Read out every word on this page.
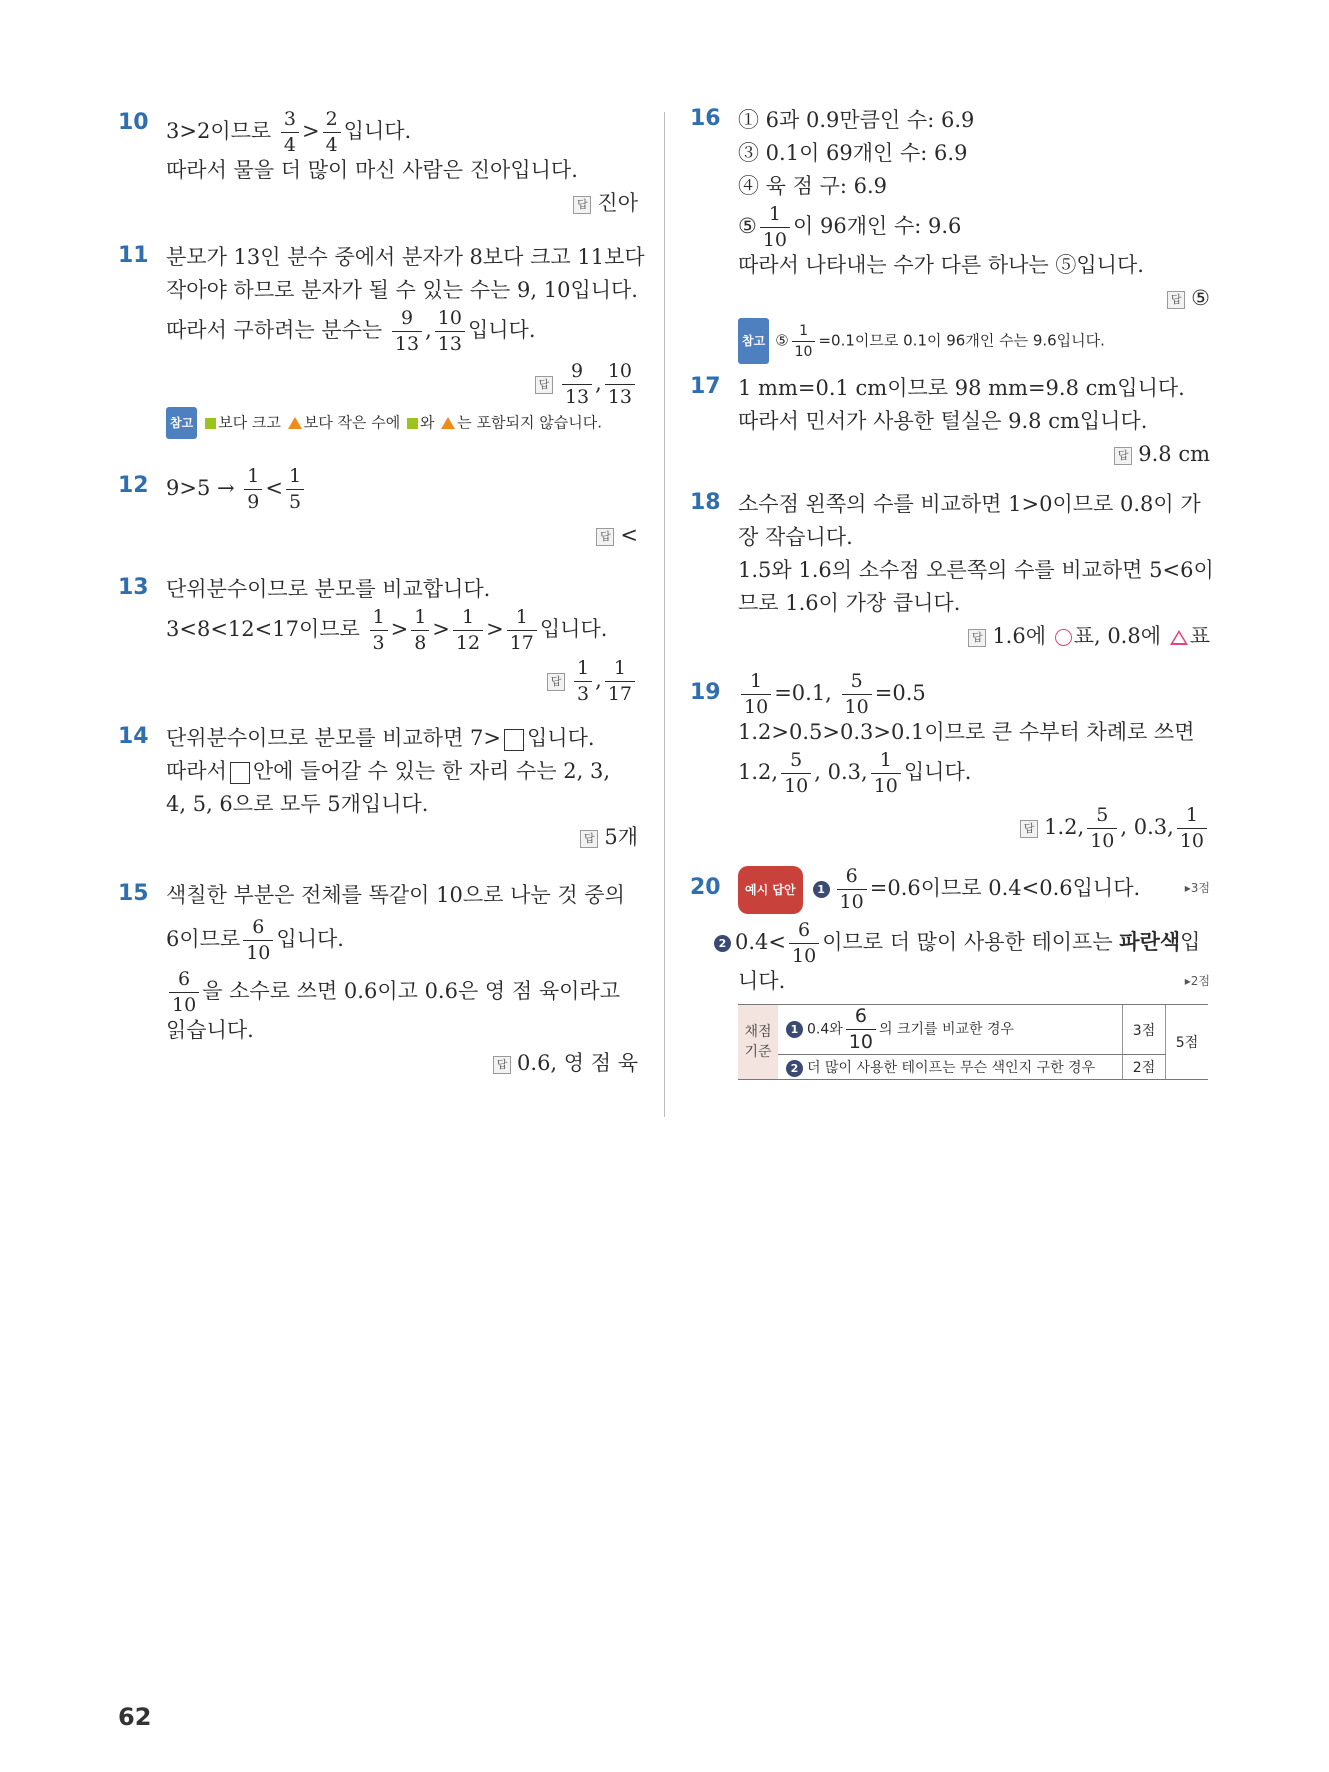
10 3>2이므로 $\frac{3}{4} > \frac{2}{4}$ 입니다.
따라서 물을 더 많이 마신 사람은 진아입니다.
답 진아
11 분모가 13인 분수 중에서 분자가 8보다 크고 11보다
작아야 하므로 분자가 될 수 있는 수는 9, 10입니다.
따라서 구하려는 분수는 $\frac{9}{13}$ , $\frac{10}{13}$ 입니다.
답 $\frac{9}{13}$ , $\frac{10}{13}$
참고 보다 크고 보다 작은 수에 와 는 포함되지 않습니다.
12 $9>5 \to \frac{1}{9} < \frac{1}{5}$
답 <
13 단위분수이므로 분모를 비교합니다.
3<8<12<17이므로 $\frac{1}{3} > \frac{1}{8} > \frac{1}{12} > \frac{1}{17}$ 입니다.
답 $\frac{1}{3}$ , $\frac{1}{17}$
14 단위분수이므로 분모를 비교하면 7> 입니다.
따라서 안에 들어갈 수 있는 한 자리 수는 2, 3,
4, 5, 6으로 모두 5개입니다.
답 5개
15 색칠한 부분은 전체를 똑같이 10으로 나눈 것 중의
6이므로 $\frac{6}{10}$ 입니다.
$\frac{6}{10}$ 을 소수로 쓰면 0.6이고 0.6은 영 점 육이라고
읽습니다.
답 0.6, 영 점 육
16 ① 6과 0.9만큼인 수: 6.9
③ 0.1이 69개인 수: 6.9
④ 육 점 구: 6.9
⑤ $\frac{1}{10}$ 이 96개인 수: 9.6
따라서 나타내는 수가 다른 하나는 ⑤입니다.
답 ⑤
참고 ⑤ $\frac{1}{10} =0.1$이므로 0.1이 96개인 수는 9.6입니다.
17 1 mm=0.1 cm이므로 98 mm=9.8 cm입니다.
따라서 민서가 사용한 털실은 9.8 cm입니다.
답 9.8 cm
18 소수점 왼쪽의 수를 비교하면 1>0이므로 0.8이 가
장 작습니다.
1.5와 1.6의 소수점 오른쪽의 수를 비교하면 5<6이
므로 1.6이 가장 큽니다.
답 1.6에 표, 0.8에 표
$19 \frac{1}{10} =0.1$, $\frac{5}{10} =0.5$
1.2>0.5>0.3>0.1이므로 큰 수부터 차례로 쓰면
1.2, $\frac{5}{10}$ , 0.3, $\frac{1}{10}$ 입니다.
답 1.2, $\frac{5}{10}$ , 0.3, $\frac{1}{10}$
20	예시 답안 $1 \frac{6}{10} =0.6$이므로 0.4<0.6입니다.	▸3점
2 $0.4< \frac{6}{10}$ 이므로 더 많이 사용한 테이프는 파란색입
니다.	▸2점
채점 기준	1 0.4와 $\frac{6}{10}$ 의 크기를 비교한 경우	3점	5점
	2 더 많이 사용한 테이프는 무슨 색인지 구한 경우	2점	
62
